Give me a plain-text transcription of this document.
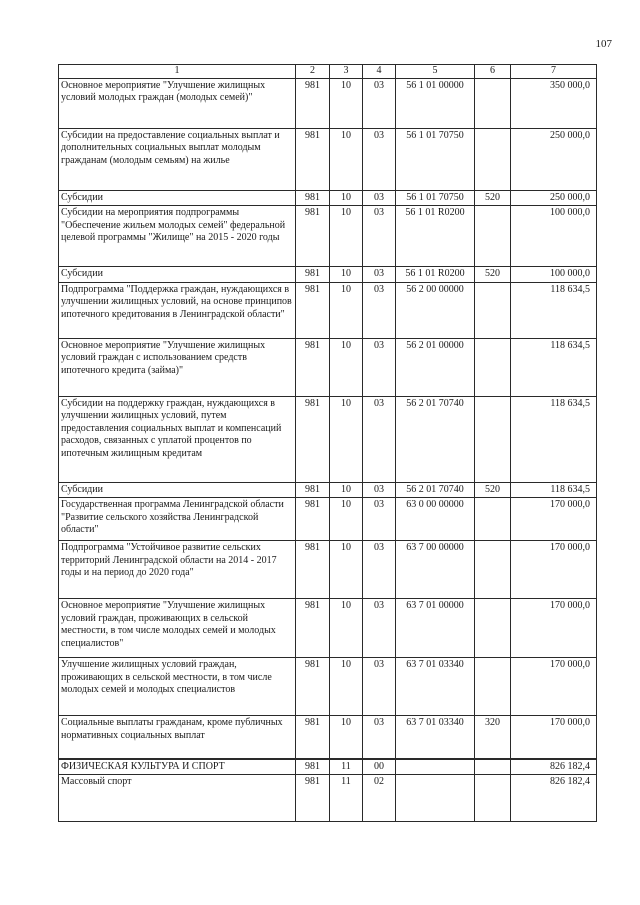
107
1	2	3	4	5	6	7
Основное мероприятие "Улучшение жилищных условий молодых граждан (молодых семей)"	981	10	03	56 1 01 00000		350 000,0
Субсидии на предоставление социальных выплат и дополнительных социальных выплат молодым гражданам (молодым семьям) на жилье	981	10	03	56 1 01 70750		250 000,0
Субсидии	981	10	03	56 1 01 70750	520	250 000,0
Субсидии на мероприятия подпрограммы "Обеспечение жильем молодых семей" федеральной целевой программы "Жилище" на 2015 - 2020 годы	981	10	03	56 1 01 R0200		100 000,0
Субсидии	981	10	03	56 1 01 R0200	520	100 000,0
Подпрограмма "Поддержка граждан, нуждающихся в улучшении жилищных условий, на основе принципов ипотечного кредитования в Ленинградской области"	981	10	03	56 2 00 00000		118 634,5
Основное мероприятие "Улучшение жилищных условий граждан с использованием средств ипотечного кредита (займа)"	981	10	03	56 2 01 00000		118 634,5
Субсидии на поддержку граждан, нуждающихся в улучшении жилищных условий, путем предоставления социальных выплат и компенсаций расходов, связанных с уплатой процентов по ипотечным жилищным кредитам	981	10	03	56 2 01 70740		118 634,5
Субсидии	981	10	03	56 2 01 70740	520	118 634,5
Государственная программа Ленинградской области "Развитие сельского хозяйства Ленинградской области"	981	10	03	63 0 00 00000		170 000,0
Подпрограмма "Устойчивое развитие сельских территорий Ленинградской области на 2014 - 2017 годы и на период до 2020 года"	981	10	03	63 7 00 00000		170 000,0
Основное мероприятие "Улучшение жилищных условий граждан, проживающих в сельской местности, в том числе молодых семей и молодых специалистов"	981	10	03	63 7 01 00000		170 000,0
Улучшение жилищных условий граждан, проживающих в сельской местности, в том числе молодых семей и молодых специалистов	981	10	03	63 7 01 03340		170 000,0
Социальные выплаты гражданам, кроме публичных нормативных социальных выплат	981	10	03	63 7 01 03340	320	170 000,0
ФИЗИЧЕСКАЯ КУЛЬТУРА И СПОРТ	981	11	00			826 182,4
Массовый спорт	981	11	02			826 182,4
